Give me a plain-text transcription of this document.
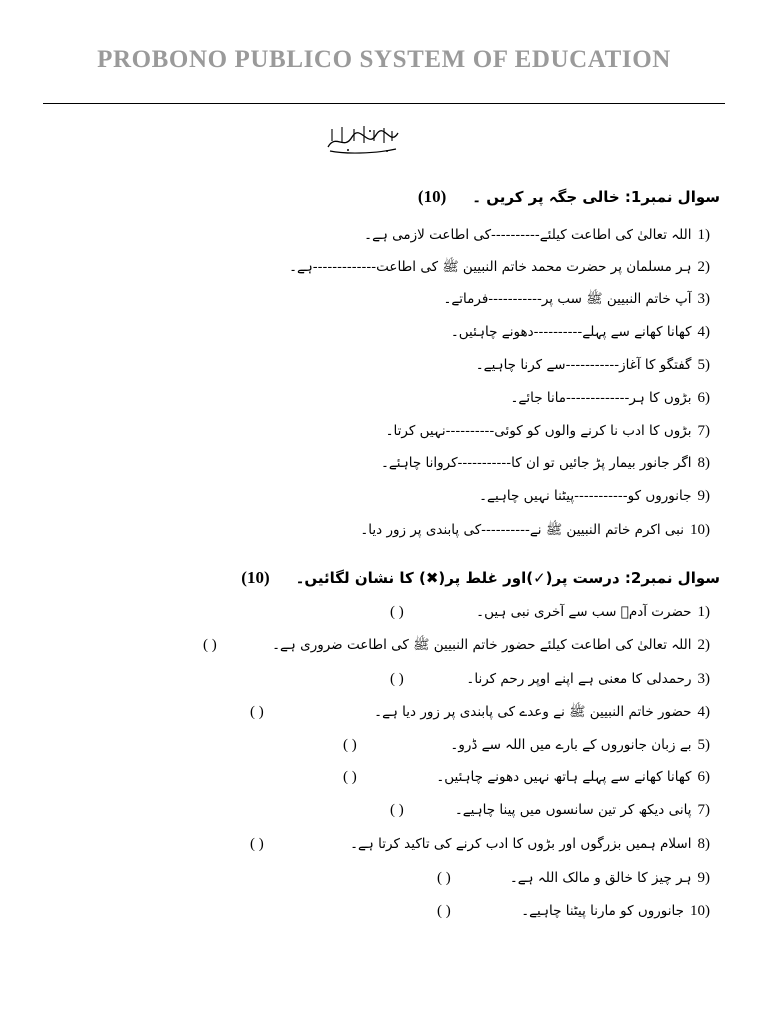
PROBONO PUBLICO SYSTEM OF EDUCATION
سوال نمبر1: خالی جگہ پر کریں ۔(10)
1)اللہ تعالیٰ کی اطاعت کیلئے----------کی اطاعت لازمی ہے۔
2)ہر مسلمان پر حضرت محمد خاتم النبیین ﷺ کی اطاعت-------------ہے۔
3)آپ خاتم النبیین ﷺ سب پر-----------فرماتے۔
4)کھانا کھانے سے پہلے----------دھونے چاہئیں۔
5)گفتگو کا آغاز-----------سے کرنا چاہیے۔
6)بڑوں کا ہر-------------مانا جائے۔
7)بڑوں کا ادب نا کرنے والوں کو کوئی----------نہیں کرتا۔
8)اگر جانور بیمار پڑ جائیں تو ان کا-----------کروانا چاہئے۔
9)جانوروں کو-----------پیٹنا نہیں چاہیے۔
10)نبی اکرم خاتم النبیین ﷺ نے----------کی پابندی پر زور دیا۔
سوال نمبر2: درست پر(✓)اور غلط پر(✖) کا نشان لگائیں۔(10)
1)حضرت آدمؑ سب سے آخری نبی ہیں۔
( )
2)اللہ تعالیٰ کی اطاعت کیلئے حضور خاتم النبیین ﷺ کی اطاعت ضروری ہے۔
( )
3)رحمدلی کا معنی ہے اپنے اوپر رحم کرنا۔
( )
4)حضور خاتم النبیین ﷺ نے وعدے کی پابندی پر زور دیا ہے۔
( )
5)بے زبان جانوروں کے بارے میں اللہ سے ڈرو۔
( )
6)کھانا کھانے سے پہلے ہاتھ نہیں دھونے چاہئیں۔
( )
7)پانی دیکھ کر تین سانسوں میں پینا چاہیے۔
( )
8)اسلام ہمیں بزرگوں اور بڑوں کا ادب کرنے کی تاکید کرتا ہے۔
( )
9)ہر چیز کا خالق و مالک اللہ ہے۔
( )
10)جانوروں کو مارنا پیٹنا چاہیے۔
( )
